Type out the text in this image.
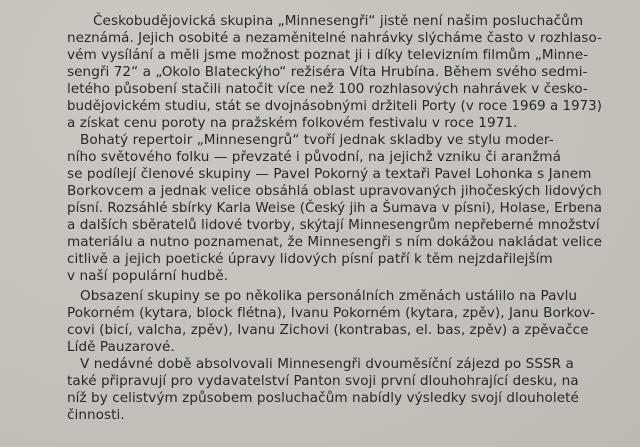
Českobudějovická skupina „Minnesengři“ jistě není našim posluchačům
neznámá. Jejich osobité a nezaměnitelné nahrávky slýcháme často v rozhlaso-
vém vysílání a měli jsme možnost poznat ji i díky televizním filmům „Minne-
sengři 72“ a „Okolo Blateckýho“ režiséra Víta Hrubína. Během svého sedmi-
letého působení stačili natočit více než 100 rozhlasových nahrávek v česko-
budějovickém studiu, stát se dvojnásobnými držiteli Porty (v roce 1969 a 1973)
a získat cenu poroty na pražském folkovém festivalu v roce 1971.
Bohatý repertoir „Minnesengrů“ tvoří jednak skladby ve stylu moder-
ního světového folku — převzaté i původní, na jejichž vzniku či aranžmá
se podílejí členové skupiny — Pavel Pokorný a textaři Pavel Lohonka s Janem
Borkovcem a jednak velice obsáhlá oblast upravovaných jihočeských lidových
písní. Rozsáhlé sbírky Karla Weise (Český jih a Šumava v písni), Holase, Erbena
a dalších sběratelů lidové tvorby, skýtají Minnesengrům nepřeberné množství
materiálu a nutno poznamenat, že Minnesengři s ním dokážou nakládat velice
citlivě a jejich poetické úpravy lidových písní patří k těm nejzdařilejším
v naší populární hudbě.
Obsazení skupiny se po několika personálních změnách ustálilo na Pavlu
Pokorném (kytara, block flétna), Ivanu Pokorném (kytara, zpěv), Janu Borkov-
covi (bicí, valcha, zpěv), Ivanu Zichovi (kontrabas, el. bas, zpěv) a zpěvačce
Lídě Pauzarové.
V nedávné době absolvovali Minnesengři dvouměsíční zájezd po SSSR a
také připravují pro vydavatelství Panton svoji první dlouhohrající desku, na
níž by celistvým způsobem posluchačům nabídly výsledky svojí dlouholeté
činnosti.
